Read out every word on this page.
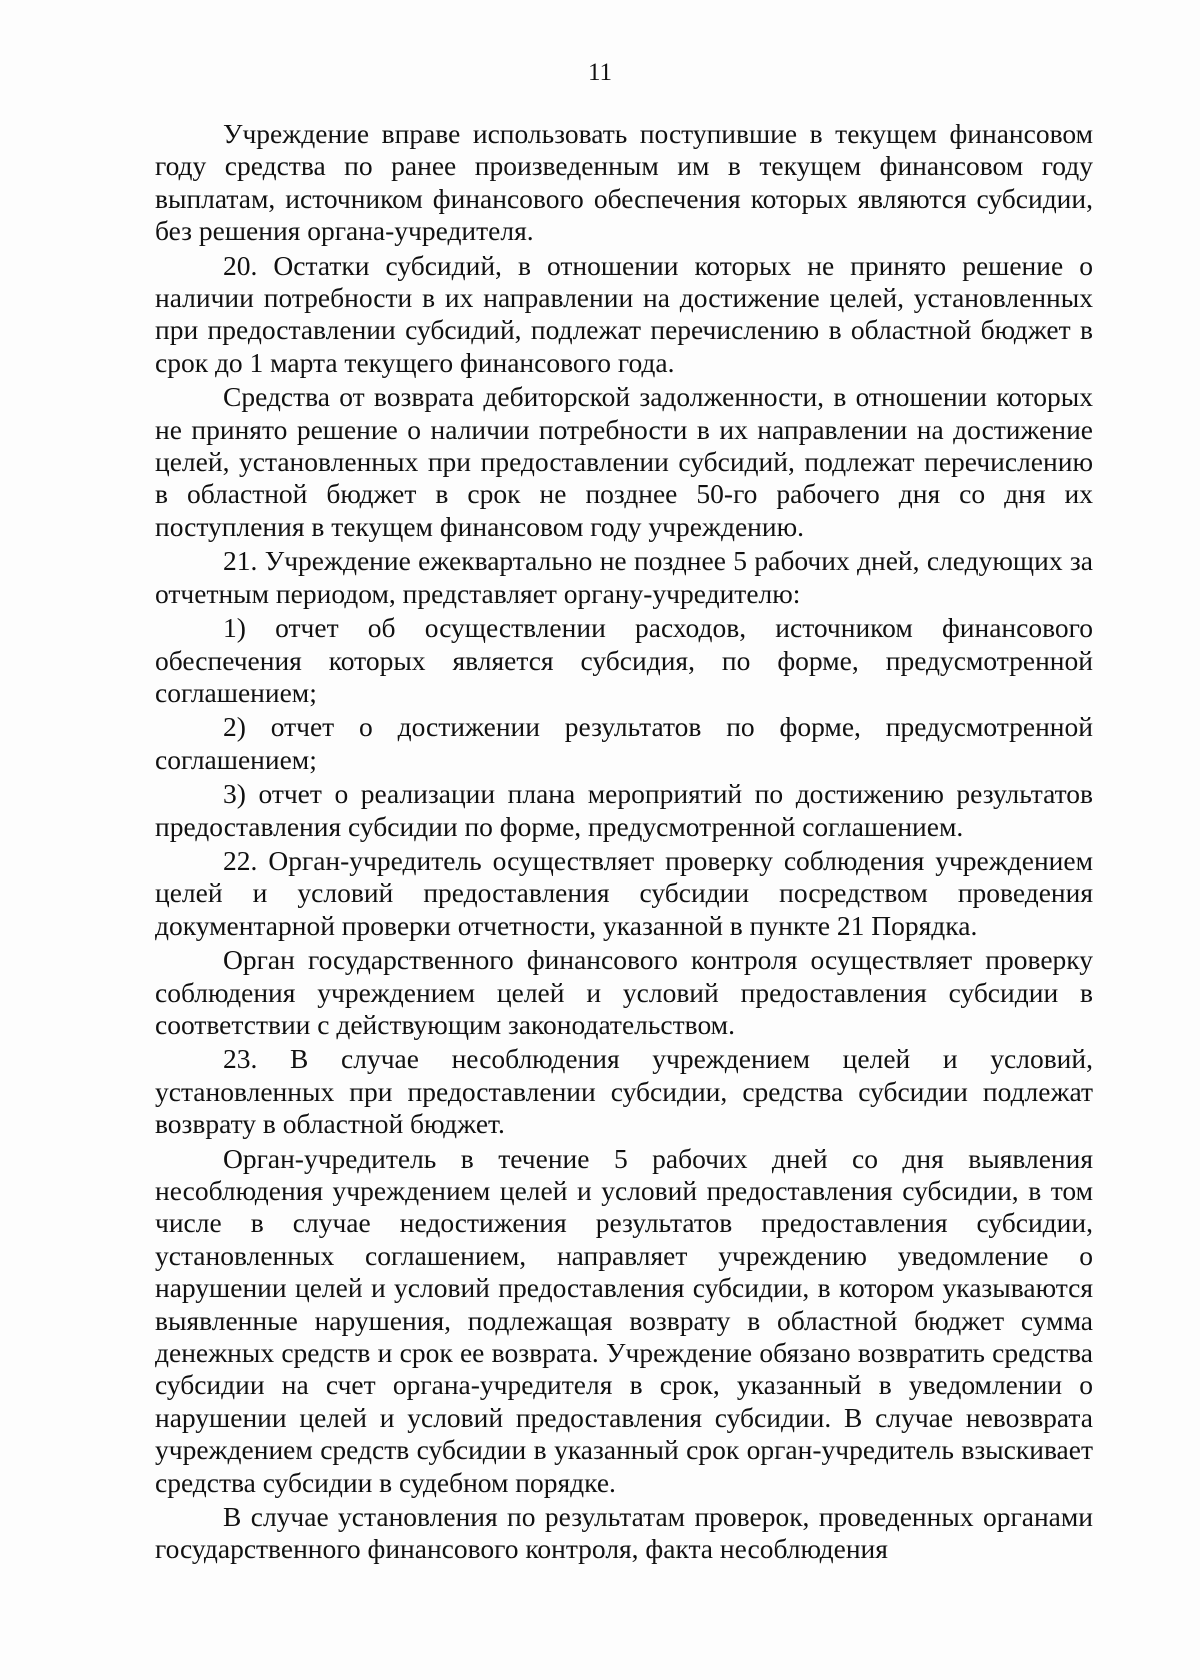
11

Учреждение вправе использовать поступившие в текущем финансовом году средства по ранее произведенным им в текущем финансовом году выплатам, источником финансового обеспечения которых являются субсидии, без решения органа-учредителя.

20. Остатки субсидий, в отношении которых не принято решение о наличии потребности в их направлении на достижение целей, установленных при предоставлении субсидий, подлежат перечислению в областной бюджет в срок до 1 марта текущего финансового года.

Средства от возврата дебиторской задолженности, в отношении которых не принято решение о наличии потребности в их направлении на достижение целей, установленных при предоставлении субсидий, подлежат перечислению в областной бюджет в срок не позднее 50-го рабочего дня со дня их поступления в текущем финансовом году учреждению.

21. Учреждение ежеквартально не позднее 5 рабочих дней, следующих за отчетным периодом, представляет органу-учредителю:

1) отчет об осуществлении расходов, источником финансового обеспечения которых является субсидия, по форме, предусмотренной соглашением;

2) отчет о достижении результатов по форме, предусмотренной соглашением;

3) отчет о реализации плана мероприятий по достижению результатов предоставления субсидии по форме, предусмотренной соглашением.

22. Орган-учредитель осуществляет проверку соблюдения учреждением целей и условий предоставления субсидии посредством проведения документарной проверки отчетности, указанной в пункте 21 Порядка.

Орган государственного финансового контроля осуществляет проверку соблюдения учреждением целей и условий предоставления субсидии в соответствии с действующим законодательством.

23. В случае несоблюдения учреждением целей и условий, установленных при предоставлении субсидии, средства субсидии подлежат возврату в областной бюджет.

Орган-учредитель в течение 5 рабочих дней со дня выявления несоблюдения учреждением целей и условий предоставления субсидии, в том числе в случае недостижения результатов предоставления субсидии, установленных соглашением, направляет учреждению уведомление о нарушении целей и условий предоставления субсидии, в котором указываются выявленные нарушения, подлежащая возврату в областной бюджет сумма денежных средств и срок ее возврата. Учреждение обязано возвратить средства субсидии на счет органа-учредителя в срок, указанный в уведомлении о нарушении целей и условий предоставления субсидии. В случае невозврата учреждением средств субсидии в указанный срок орган-учредитель взыскивает средства субсидии в судебном порядке.

В случае установления по результатам проверок, проведенных органами государственного финансового контроля, факта несоблюдения
